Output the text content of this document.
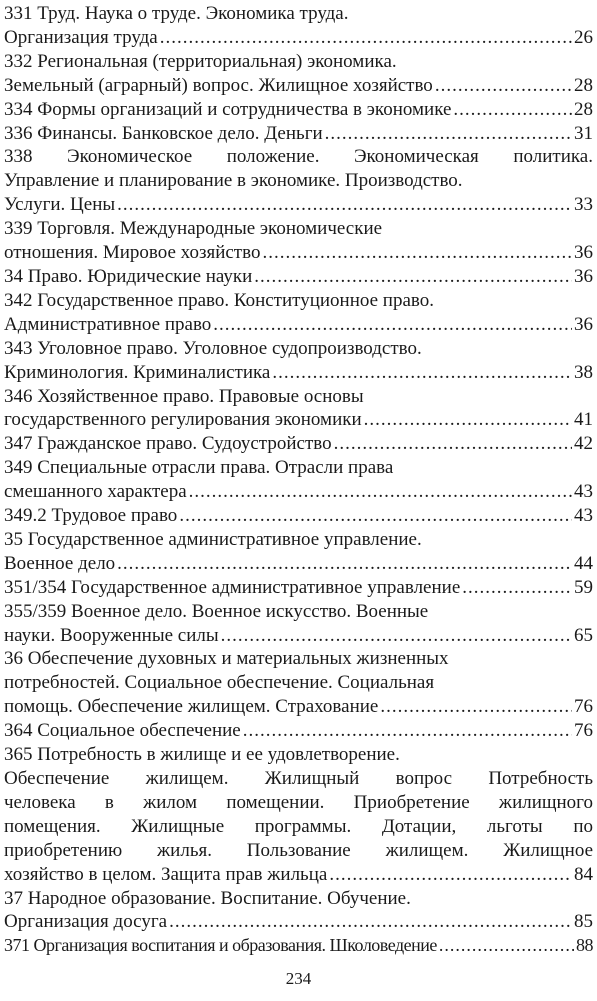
331 Труд. Наука о труде. Экономика труда.
Организация труда .....	26
332 Региональная (территориальная) экономика.
Земельный (аграрный) вопрос. Жилищное хозяйство .....	28
334 Формы организаций и сотрудничества в экономике .....	28
336 Финансы. Банковское дело. Деньги .....	31
338 Экономическое положение. Экономическая политика.
Управление и планирование в экономике. Производство.
Услуги. Цены .....	33
339 Торговля. Международные экономические
отношения. Мировое хозяйство .....	36
34 Право. Юридические науки .....	36
342 Государственное право. Конституционное право.
Административное право .....	36
343 Уголовное право. Уголовное судопроизводство.
Криминология. Криминалистика .....	38
346 Хозяйственное право. Правовые основы
государственного регулирования экономики .....	41
347 Гражданское право. Судоустройство .....	42
349 Специальные отрасли права. Отрасли права
смешанного характера .....	43
349.2 Трудовое право .....	43
35 Государственное административное управление.
Военное дело .....	44
351/354 Государственное административное управление .....	59
355/359 Военное дело. Военное искусство. Военные
науки. Вооруженные силы .....	65
36 Обеспечение духовных и материальных жизненных
потребностей. Социальное обеспечение. Социальная
помощь. Обеспечение жилищем. Страхование .....	76
364 Социальное обеспечение .....	76
365 Потребность в жилище и ее удовлетворение.
Обеспечение жилищем. Жилищный вопрос Потребность
человека в жилом помещении. Приобретение жилищного
помещения. Жилищные программы. Дотации, льготы по
приобретению жилья. Пользование жилищем. Жилищное
хозяйство в целом. Защита прав жильца .....	84
37 Народное образование. Воспитание. Обучение.
Организация досуга .....	85
371 Организация воспитания и образования. Школоведение .....	88
234
